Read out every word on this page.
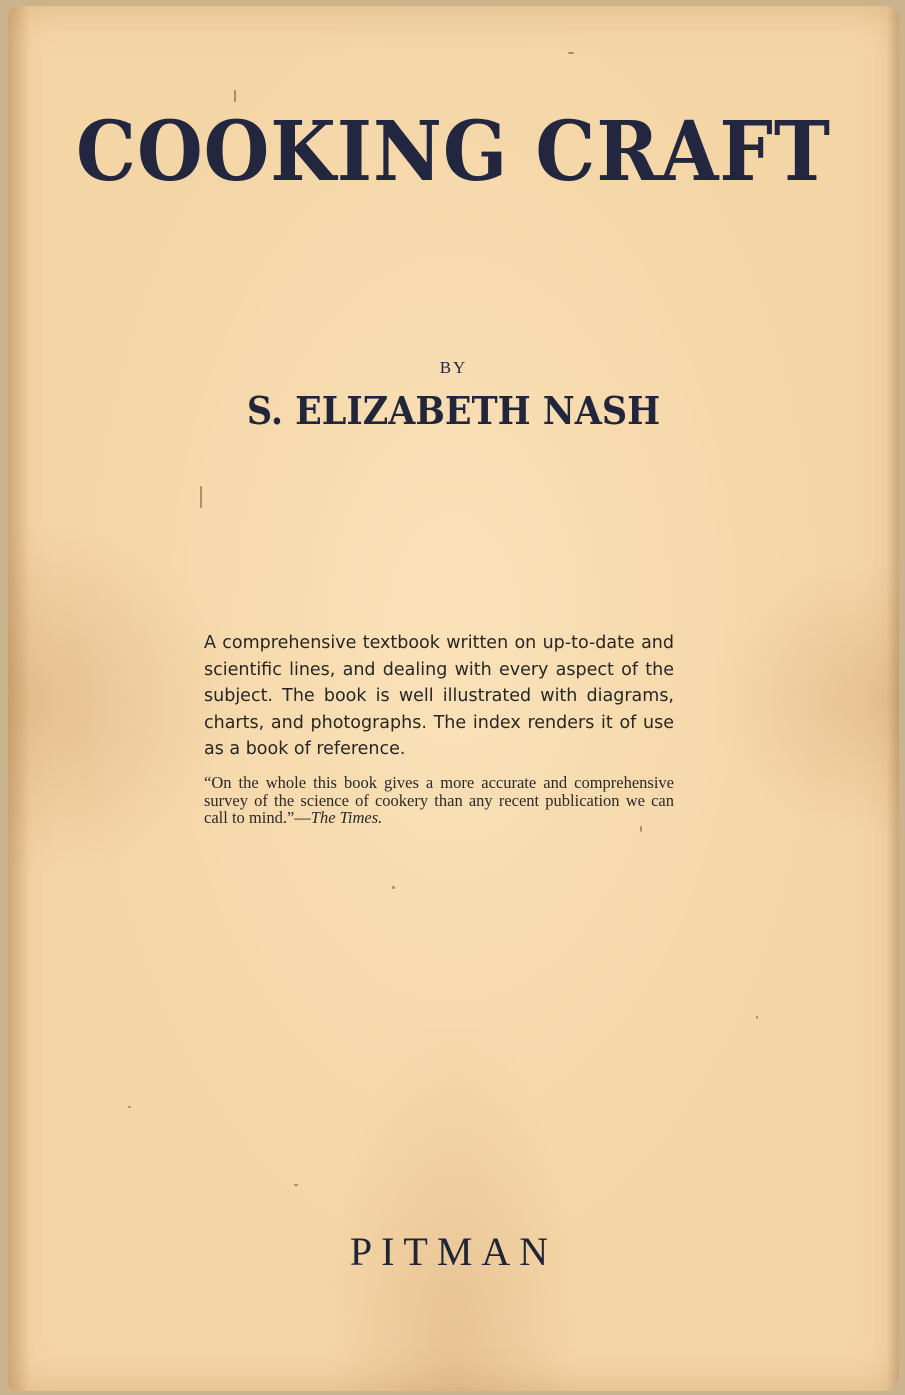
COOKING CRAFT
BY
S. ELIZABETH NASH
A comprehensive textbook written on up-to-date and scientific lines, and dealing with every aspect of the subject. The book is well illustrated with diagrams, charts, and photographs. The index renders it of use as a book of reference.
“On the whole this book gives a more accurate and comprehensive survey of the science of cookery than any recent publication we can call to mind.”—The Times.
PITMAN
